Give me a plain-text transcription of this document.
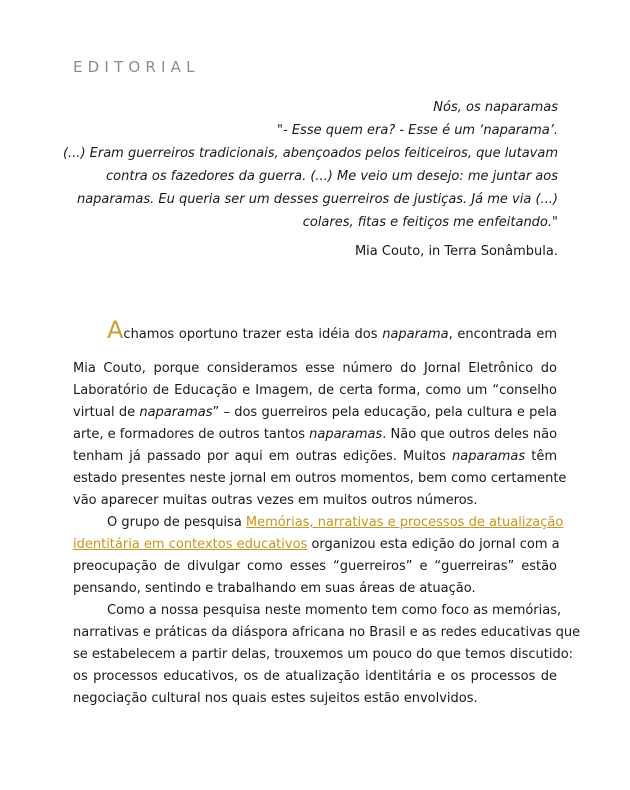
EDITORIAL
Nós, os naparamas
"- Esse quem era? - Esse é um ‘naparama’.
(...) Eram guerreiros tradicionais, abençoados pelos feiticeiros, que lutavam
contra os fazedores da guerra. (...) Me veio um desejo: me juntar aos
naparamas. Eu queria ser um desses guerreiros de justiças. Já me via (...)
colares, fitas e feitiços me enfeitando."
Mia Couto, in Terra Sonâmbula.
Achamos oportuno trazer esta idéia dos naparama, encontrada em
Mia Couto, porque consideramos esse número do Jornal Eletrônico do
Laboratório de Educação e Imagem, de certa forma, como um “conselho
virtual de naparamas” – dos guerreiros pela educação, pela cultura e pela
arte, e formadores de outros tantos naparamas. Não que outros deles não
tenham já passado por aqui em outras edições. Muitos naparamas têm
estado presentes neste jornal em outros momentos, bem como certamente
vão aparecer muitas outras vezes em muitos outros números.
O grupo de pesquisa Memórias, narrativas e processos de atualização
identitária em contextos educativos organizou esta edição do jornal com a
preocupação de divulgar como esses “guerreiros” e “guerreiras” estão
pensando, sentindo e trabalhando em suas áreas de atuação.
Como a nossa pesquisa neste momento tem como foco as memórias,
narrativas e práticas da diáspora africana no Brasil e as redes educativas que
se estabelecem a partir delas, trouxemos um pouco do que temos discutido:
os processos educativos, os de atualização identitária e os processos de
negociação cultural nos quais estes sujeitos estão envolvidos.
